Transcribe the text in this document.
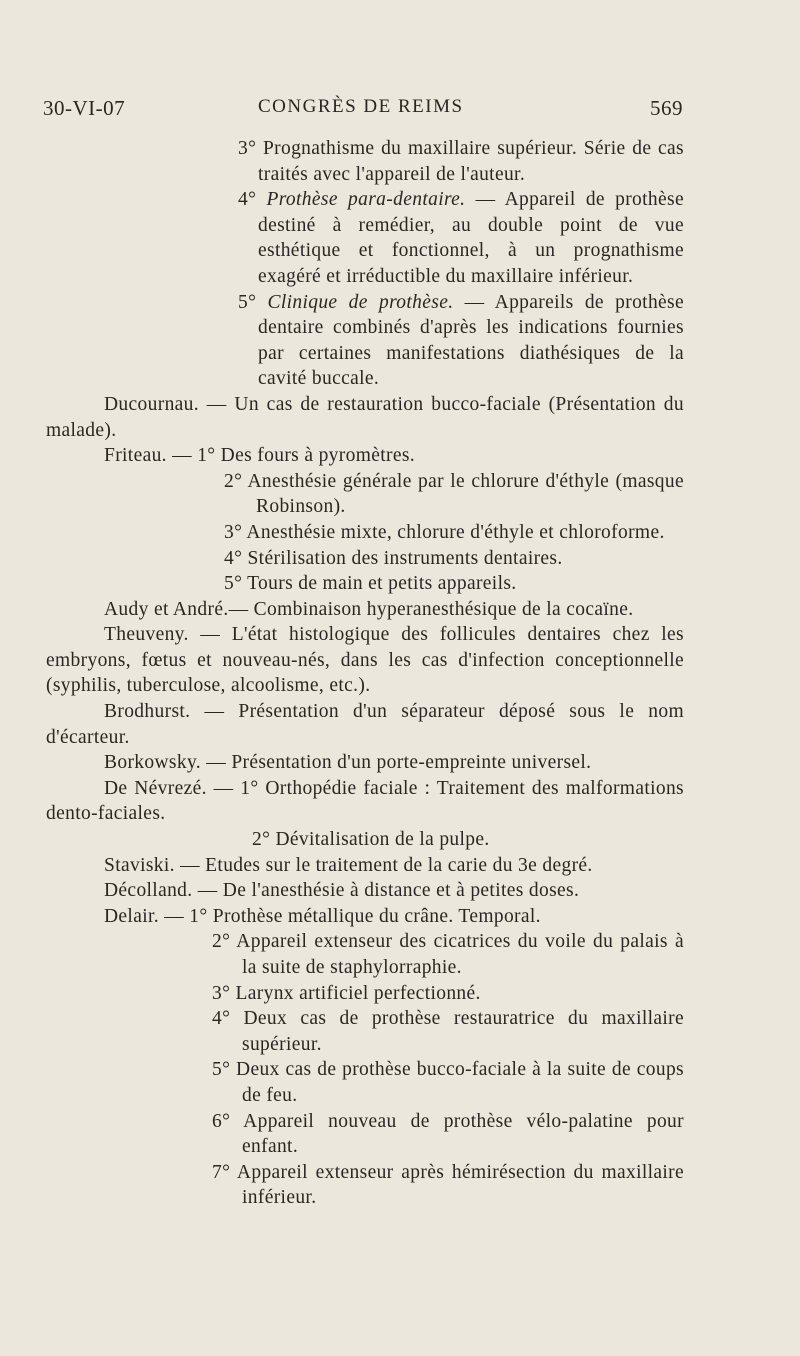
30-VI-07	CONGRÈS DE REIMS	569

3° Prognathisme du maxillaire supérieur. Série de cas traités avec l'appareil de l'auteur.

4° Prothèse para-dentaire. — Appareil de prothèse destiné à remédier, au double point de vue esthétique et fonctionnel, à un prognathisme exagéré et irréductible du maxillaire inférieur.

5° Clinique de prothèse. — Appareils de prothèse dentaire combinés d'après les indications fournies par certaines manifestations diathésiques de la cavité buccale.

Ducournau. — Un cas de restauration bucco-faciale (Présentation du malade).

Friteau. — 1° Des fours à pyromètres.

2° Anesthésie générale par le chlorure d'éthyle (masque Robinson).

3° Anesthésie mixte, chlorure d'éthyle et chloroforme.

4° Stérilisation des instruments dentaires.

5° Tours de main et petits appareils.

Audy et André.— Combinaison hyperanesthésique de la cocaïne.

Theuveny. — L'état histologique des follicules dentaires chez les embryons, fœtus et nouveau-nés, dans les cas d'infection conceptionnelle (syphilis, tuberculose, alcoolisme, etc.).

Brodhurst. — Présentation d'un séparateur déposé sous le nom d'écarteur.

Borkowsky. — Présentation d'un porte-empreinte universel.

De Névrezé. — 1° Orthopédie faciale : Traitement des malformations dento-faciales.

2° Dévitalisation de la pulpe.

Staviski. — Etudes sur le traitement de la carie du 3e degré.

Décolland. — De l'anesthésie à distance et à petites doses.

Delair. — 1° Prothèse métallique du crâne. Temporal.

2° Appareil extenseur des cicatrices du voile du palais à la suite de staphylorraphie.

3° Larynx artificiel perfectionné.

4° Deux cas de prothèse restauratrice du maxillaire supérieur.

5° Deux cas de prothèse bucco-faciale à la suite de coups de feu.

6° Appareil nouveau de prothèse vélo-palatine pour enfant.

7° Appareil extenseur après hémirésection du maxillaire inférieur.
